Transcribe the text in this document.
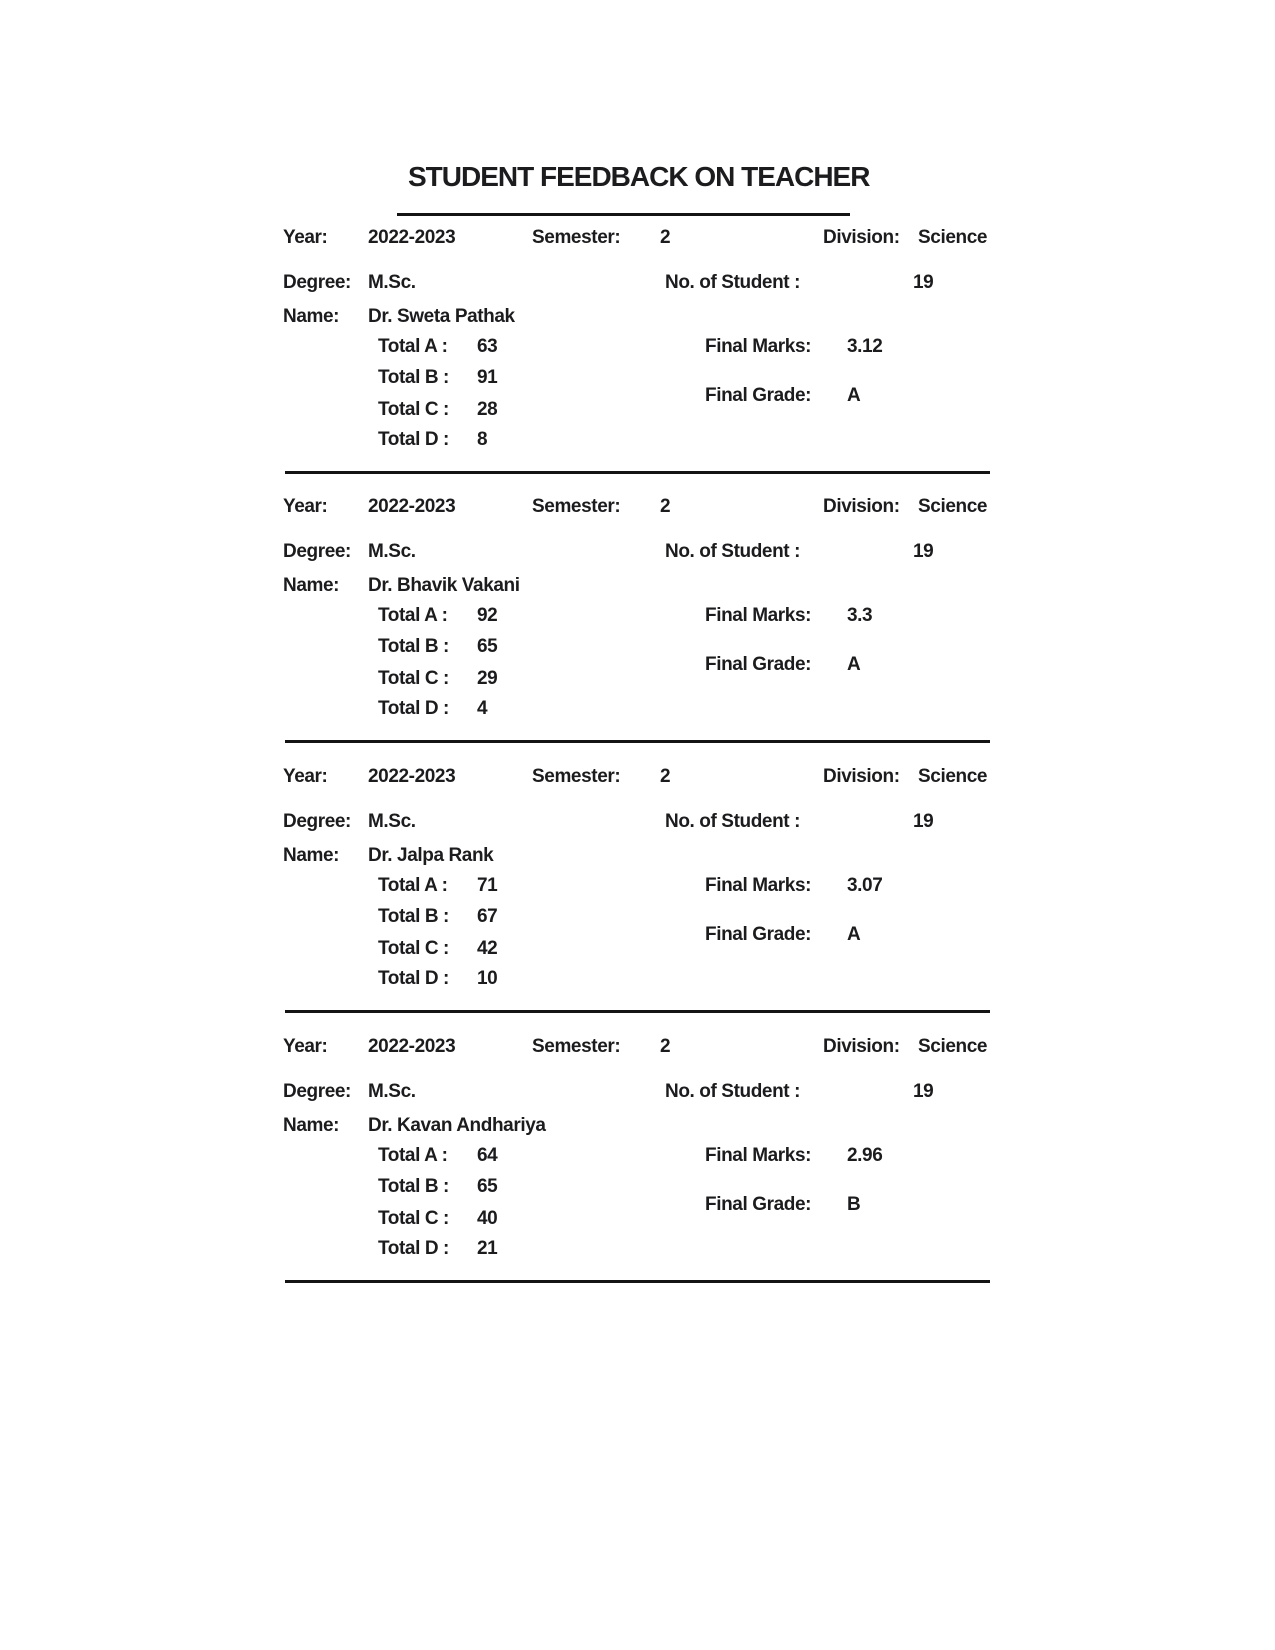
STUDENT FEEDBACK ON TEACHER
Year: 2022-2023	Semester: 2	Division: Science
Degree: M.Sc.	No. of Student :	19
Name: Dr. Sweta Pathak
Total A : 63
Total B : 91
Total C : 28
Total D : 8
Final Marks: 3.12
Final Grade: A
Year: 2022-2023	Semester: 2	Division: Science
Degree: M.Sc.	No. of Student :	19
Name: Dr. Bhavik Vakani
Total A : 92
Total B : 65
Total C : 29
Total D : 4
Final Marks: 3.3
Final Grade: A
Year: 2022-2023	Semester: 2	Division: Science
Degree: M.Sc.	No. of Student :	19
Name: Dr. Jalpa Rank
Total A : 71
Total B : 67
Total C : 42
Total D : 10
Final Marks: 3.07
Final Grade: A
Year: 2022-2023	Semester: 2	Division: Science
Degree: M.Sc.	No. of Student :	19
Name: Dr. Kavan Andhariya
Total A : 64
Total B : 65
Total C : 40
Total D : 21
Final Marks: 2.96
Final Grade: B
